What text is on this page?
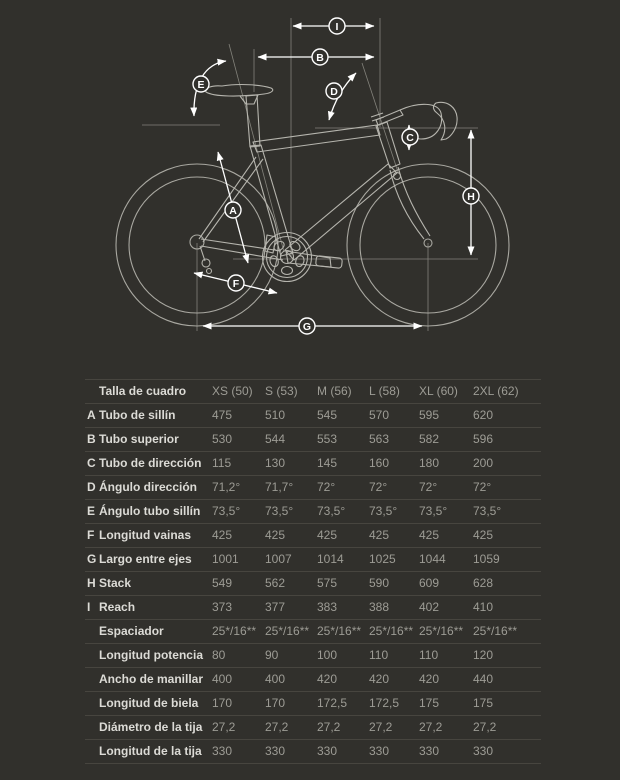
A
B
C
D
E
F
G
H
I
Talla de cuadro XS (50)	S (53)	M (56)	L (58)	XL (60)	2XL (62)
A Tubo de sillín	475	510	545	570	595	620
B Tubo superior	530	544	553	563	582	596
C Tubo de dirección 115	130	145	160	180	200
D Ángulo dirección 71,2°	71,7°	72°	72°	72°	72°
E Ángulo tubo sillín 73,5°	73,5°	73,5°	73,5°	73,5°	73,5°
F Longitud vainas 425	425	425	425	425	425
G Largo entre ejes 1001	1007	1014	1025	1044	1059
H Stack	549	562	575	590	609	628
I Reach	373	377	383	388	402	410
Espaciador	25*/16** 25*/16** 25*/16** 25*/16** 25*/16** 25*/16**
Longitud potencia 80	90	100	110	110	120
Ancho de manillar 400	400	420	420	420	440
Longitud de biela 170	170	172,5	172,5	175	175
Diámetro de la tija 27,2	27,2	27,2	27,2	27,2	27,2
Longitud de la tija 330	330	330	330	330	330
